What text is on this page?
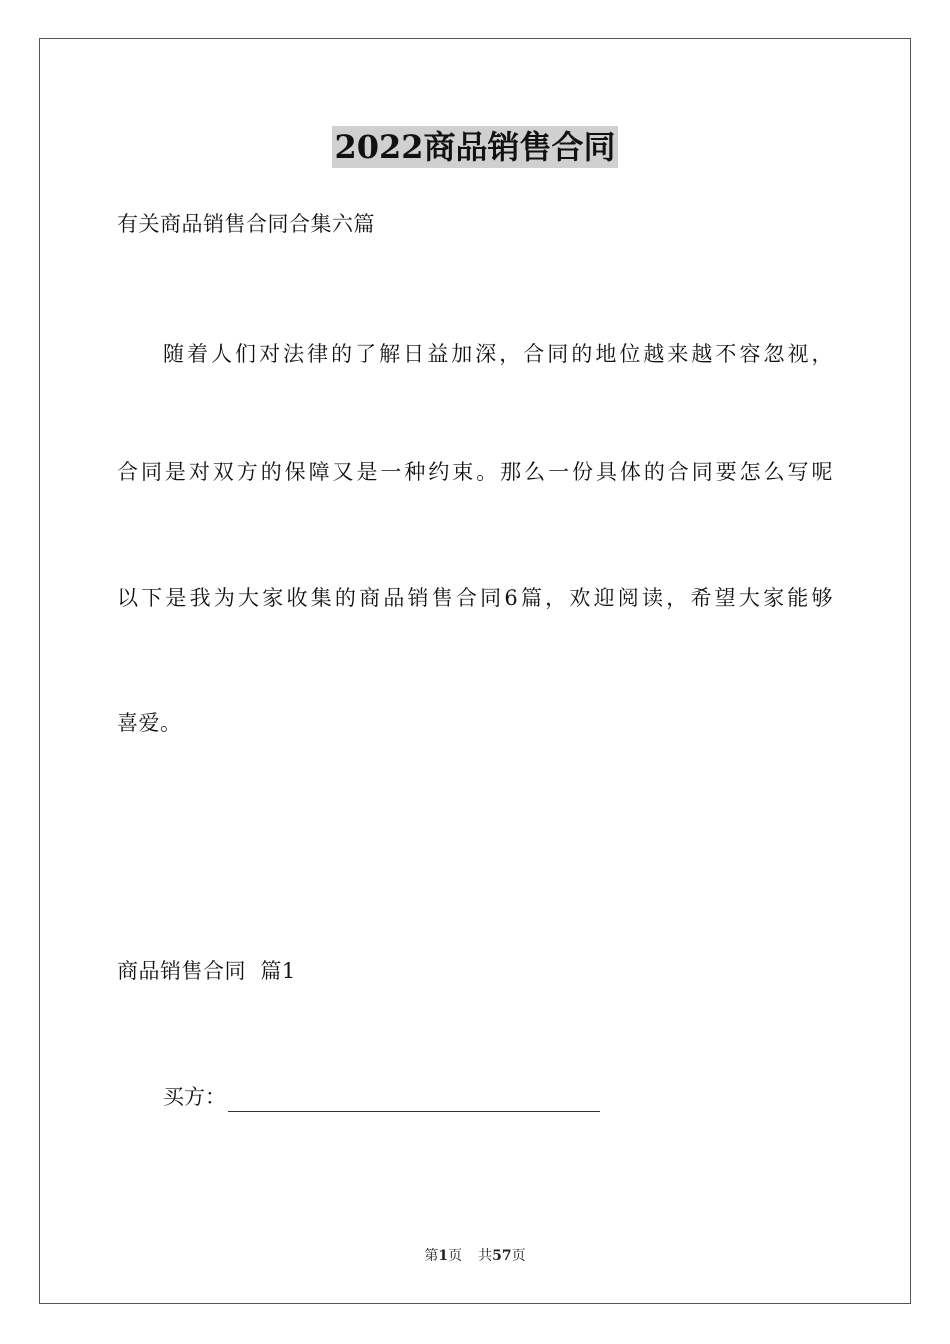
2022商品销售合同
有关商品销售合同合集六篇
随着人们对法律的了解日益加深，合同的地位越来越不容忽视，
合同是对双方的保障又是一种约束。那么一份具体的合同要怎么写呢
以下是我为大家收集的商品销售合同6篇，欢迎阅读，希望大家能够
喜爱。
商品销售合同  篇1
买方：
第1页 共57页
